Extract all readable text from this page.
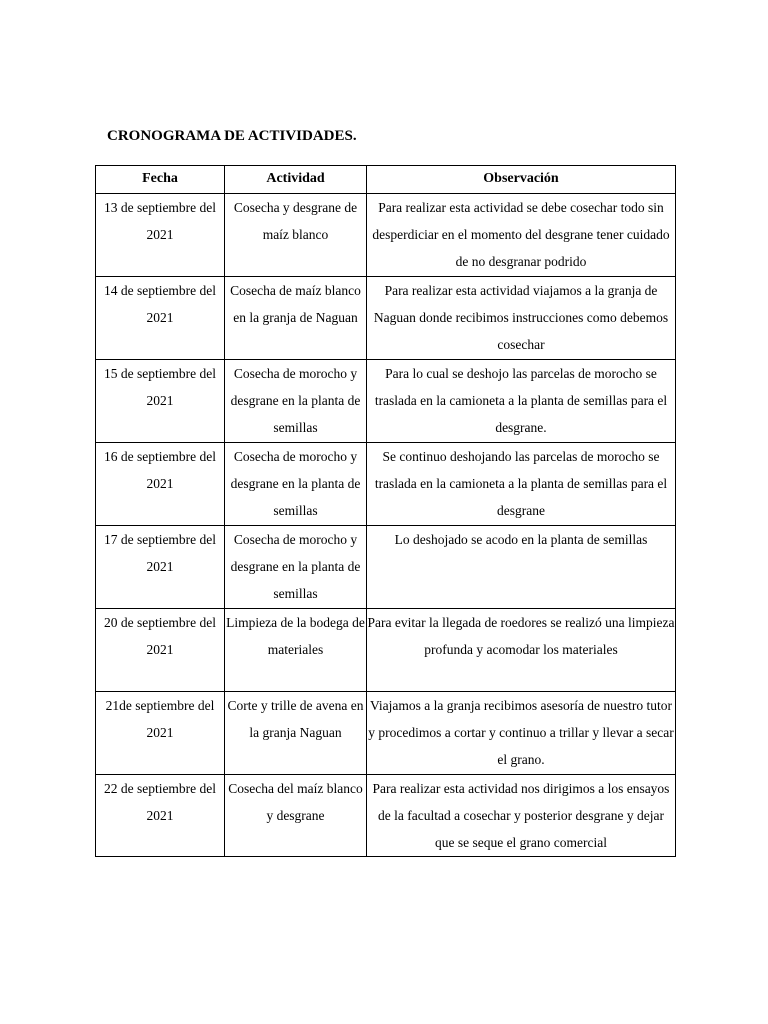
CRONOGRAMA DE ACTIVIDADES.
Fecha	Actividad	Observación
13 de septiembre del 2021	Cosecha y desgrane de maíz blanco	Para realizar esta actividad se debe cosechar todo sin desperdiciar en el momento del desgrane tener cuidado de no desgranar podrido
14 de septiembre del 2021	Cosecha de maíz blanco en la granja de Naguan	Para realizar esta actividad viajamos a la granja de Naguan donde recibimos instrucciones como debemos cosechar
15 de septiembre del 2021	Cosecha de morocho y desgrane en la planta de semillas	Para lo cual se deshojo las parcelas de morocho se traslada en la camioneta a la planta de semillas para el desgrane.
16 de septiembre del 2021	Cosecha de morocho y desgrane en la planta de semillas	Se continuo deshojando las parcelas de morocho se traslada en la camioneta a la planta de semillas para el desgrane
17 de septiembre del 2021	Cosecha de morocho y desgrane en la planta de semillas	Lo deshojado se acodo en la planta de semillas
20 de septiembre del 2021	Limpieza de la bodega de materiales	Para evitar la llegada de roedores se realizó una limpieza profunda y acomodar los materiales
21de septiembre del 2021	Corte y trille de avena en la granja Naguan	Viajamos a la granja recibimos asesoría de nuestro tutor y procedimos a cortar y continuo a trillar y llevar a secar el grano.
22 de septiembre del 2021	Cosecha del maíz blanco y desgrane	Para realizar esta actividad nos dirigimos a los ensayos de la facultad a cosechar y posterior desgrane y dejar que se seque el grano comercial
